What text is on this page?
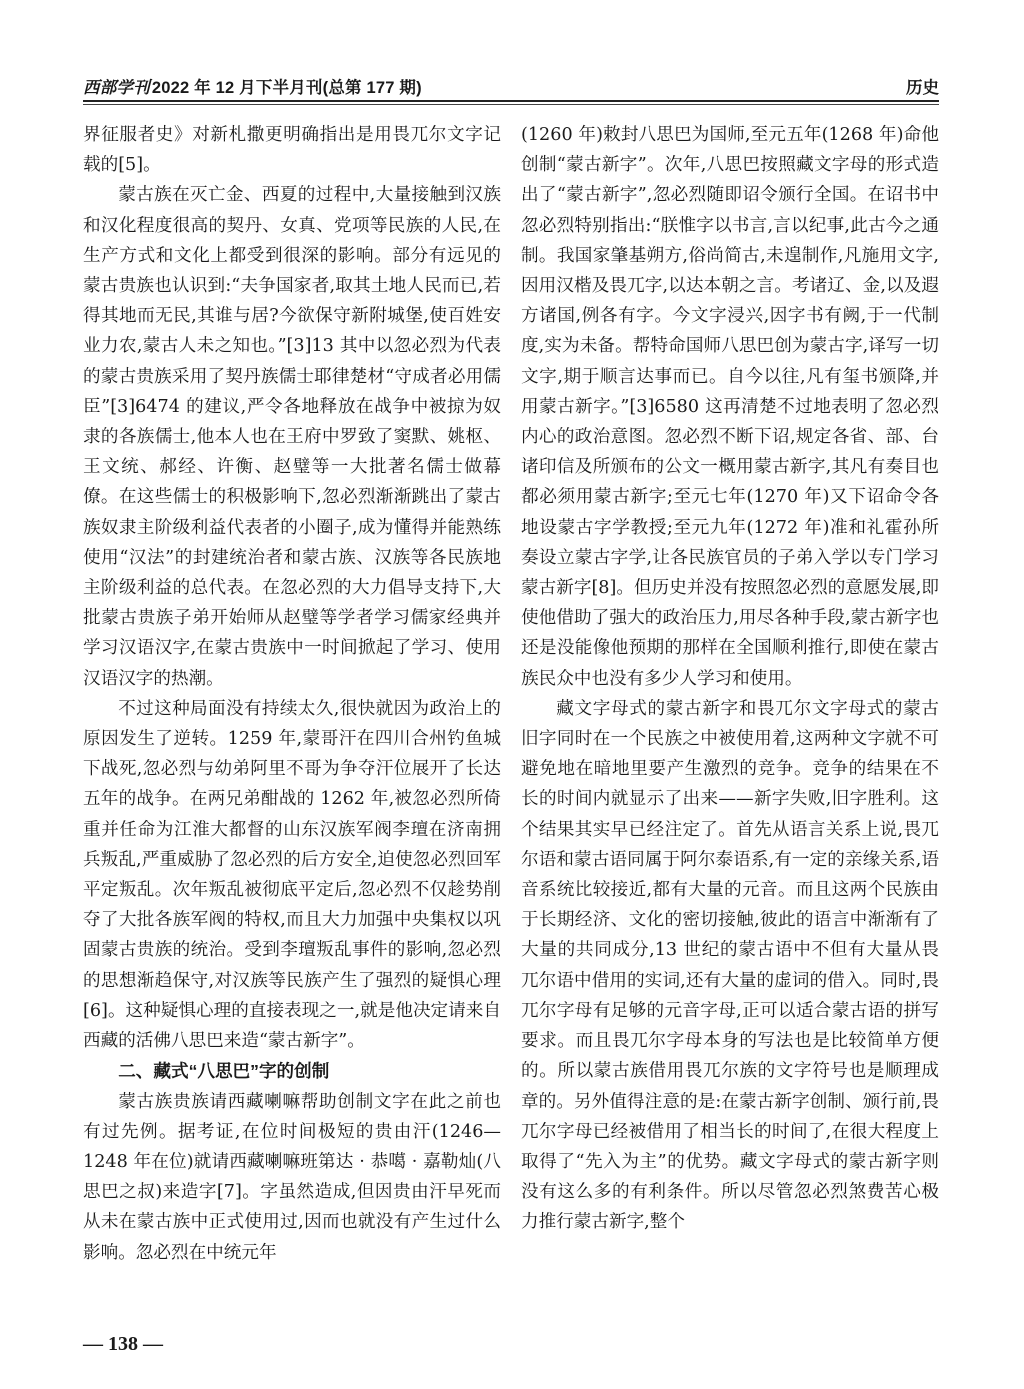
西部学刊 2022 年 12 月下半月刊(总第 177 期)	历史

界征服者史》对新札撒更明确指出是用畏兀尔文字记载的[5]。

蒙古族在灭亡金、西夏的过程中,大量接触到汉族和汉化程度很高的契丹、女真、党项等民族的人民,在生产方式和文化上都受到很深的影响。部分有远见的蒙古贵族也认识到:“夫争国家者,取其土地人民而已,若得其地而无民,其谁与居?今欲保守新附城堡,使百姓安业力农,蒙古人未之知也。”[3]13 其中以忽必烈为代表的蒙古贵族采用了契丹族儒士耶律楚材“守成者必用儒臣”[3]6474 的建议,严令各地释放在战争中被掠为奴隶的各族儒士,他本人也在王府中罗致了窦默、姚枢、王文统、郝经、许衡、赵璧等一大批著名儒士做幕僚。在这些儒士的积极影响下,忽必烈渐渐跳出了蒙古族奴隶主阶级利益代表者的小圈子,成为懂得并能熟练使用“汉法”的封建统治者和蒙古族、汉族等各民族地主阶级利益的总代表。在忽必烈的大力倡导支持下,大批蒙古贵族子弟开始师从赵璧等学者学习儒家经典并学习汉语汉字,在蒙古贵族中一时间掀起了学习、使用汉语汉字的热潮。

不过这种局面没有持续太久,很快就因为政治上的原因发生了逆转。1259 年,蒙哥汗在四川合州钓鱼城下战死,忽必烈与幼弟阿里不哥为争夺汗位展开了长达五年的战争。在两兄弟酣战的 1262 年,被忽必烈所倚重并任命为江淮大都督的山东汉族军阀李璮在济南拥兵叛乱,严重威胁了忽必烈的后方安全,迫使忽必烈回军平定叛乱。次年叛乱被彻底平定后,忽必烈不仅趁势削夺了大批各族军阀的特权,而且大力加强中央集权以巩固蒙古贵族的统治。受到李璮叛乱事件的影响,忽必烈的思想渐趋保守,对汉族等民族产生了强烈的疑惧心理[6]。这种疑惧心理的直接表现之一,就是他决定请来自西藏的活佛八思巴来造“蒙古新字”。

二、藏式“八思巴”字的创制

蒙古族贵族请西藏喇嘛帮助创制文字在此之前也有过先例。据考证,在位时间极短的贵由汗(1246—1248 年在位)就请西藏喇嘛班第达 · 恭噶 · 嘉勒灿(八思巴之叔)来造字[7]。字虽然造成,但因贵由汗早死而从未在蒙古族中正式使用过,因而也就没有产生过什么影响。忽必烈在中统元年

(1260 年)敕封八思巴为国师,至元五年(1268 年)命他创制“蒙古新字”。次年,八思巴按照藏文字母的形式造出了“蒙古新字”,忽必烈随即诏令颁行全国。在诏书中忽必烈特别指出:“朕惟字以书言,言以纪事,此古今之通制。我国家肇基朔方,俗尚简古,未遑制作,凡施用文字,因用汉楷及畏兀字,以达本朝之言。考诸辽、金,以及遐方诸国,例各有字。今文字浸兴,因字书有阙,于一代制度,实为未备。帮特命国师八思巴创为蒙古字,译写一切文字,期于顺言达事而已。自今以往,凡有玺书颁降,并用蒙古新字。”[3]6580 这再清楚不过地表明了忽必烈内心的政治意图。忽必烈不断下诏,规定各省、部、台诸印信及所颁布的公文一概用蒙古新字,其凡有奏目也都必须用蒙古新字;至元七年(1270 年)又下诏命令各地设蒙古字学教授;至元九年(1272 年)准和礼霍孙所奏设立蒙古字学,让各民族官员的子弟入学以专门学习蒙古新字[8]。但历史并没有按照忽必烈的意愿发展,即使他借助了强大的政治压力,用尽各种手段,蒙古新字也还是没能像他预期的那样在全国顺利推行,即使在蒙古族民众中也没有多少人学习和使用。

藏文字母式的蒙古新字和畏兀尔文字母式的蒙古旧字同时在一个民族之中被使用着,这两种文字就不可避免地在暗地里要产生激烈的竞争。竞争的结果在不长的时间内就显示了出来——新字失败,旧字胜利。这个结果其实早已经注定了。首先从语言关系上说,畏兀尔语和蒙古语同属于阿尔泰语系,有一定的亲缘关系,语音系统比较接近,都有大量的元音。而且这两个民族由于长期经济、文化的密切接触,彼此的语言中渐渐有了大量的共同成分,13 世纪的蒙古语中不但有大量从畏兀尔语中借用的实词,还有大量的虚词的借入。同时,畏兀尔字母有足够的元音字母,正可以适合蒙古语的拼写要求。而且畏兀尔字母本身的写法也是比较简单方便的。所以蒙古族借用畏兀尔族的文字符号也是顺理成章的。另外值得注意的是:在蒙古新字创制、颁行前,畏兀尔字母已经被借用了相当长的时间了,在很大程度上取得了“先入为主”的优势。藏文字母式的蒙古新字则没有这么多的有利条件。所以尽管忽必烈煞费苦心极力推行蒙古新字,整个

— 138 —
